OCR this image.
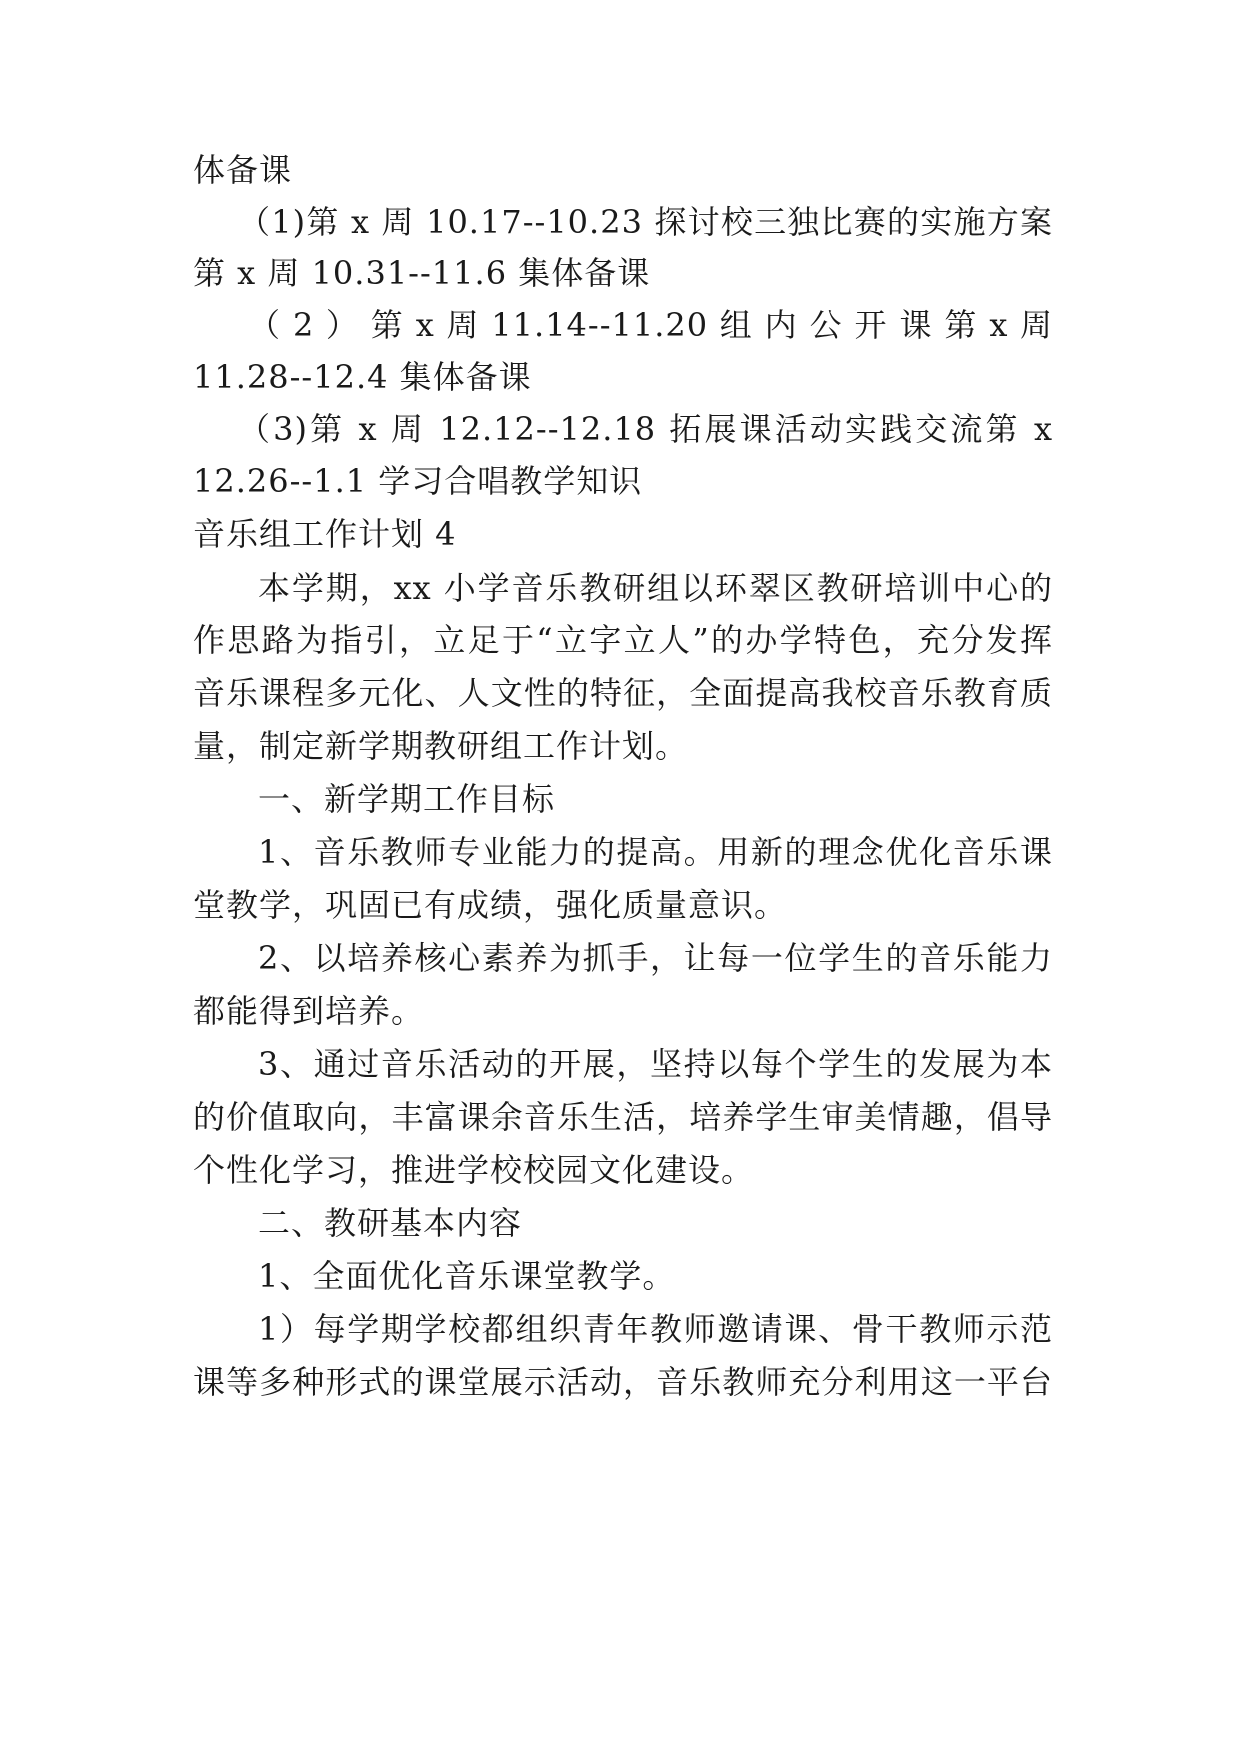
体备课
（1)第 x 周 10.17--10.23 探讨校三独比赛的实施方案
第 x 周 10.31--11.6 集体备课
（ 2 ） 第 x 周 11.14--11.20 组 内 公 开 课 第 x 周
11.28--12.4 集体备课
（3)第 x 周 12.12--12.18 拓展课活动实践交流第 x
12.26--1.1 学习合唱教学知识
音乐组工作计划 4
本学期，xx 小学音乐教研组以环翠区教研培训中心的
作思路为指引，立足于“立字立人”的办学特色，充分发挥
音乐课程多元化、人文性的特征，全面提高我校音乐教育质
量，制定新学期教研组工作计划。
一、新学期工作目标
1、音乐教师专业能力的提高。用新的理念优化音乐课
堂教学，巩固已有成绩，强化质量意识。
2、以培养核心素养为抓手，让每一位学生的音乐能力
都能得到培养。
3、通过音乐活动的开展，坚持以每个学生的发展为本
的价值取向，丰富课余音乐生活，培养学生审美情趣，倡导
个性化学习，推进学校校园文化建设。
二、教研基本内容
1、全面优化音乐课堂教学。
1）每学期学校都组织青年教师邀请课、骨干教师示范
课等多种形式的课堂展示活动，音乐教师充分利用这一平台
